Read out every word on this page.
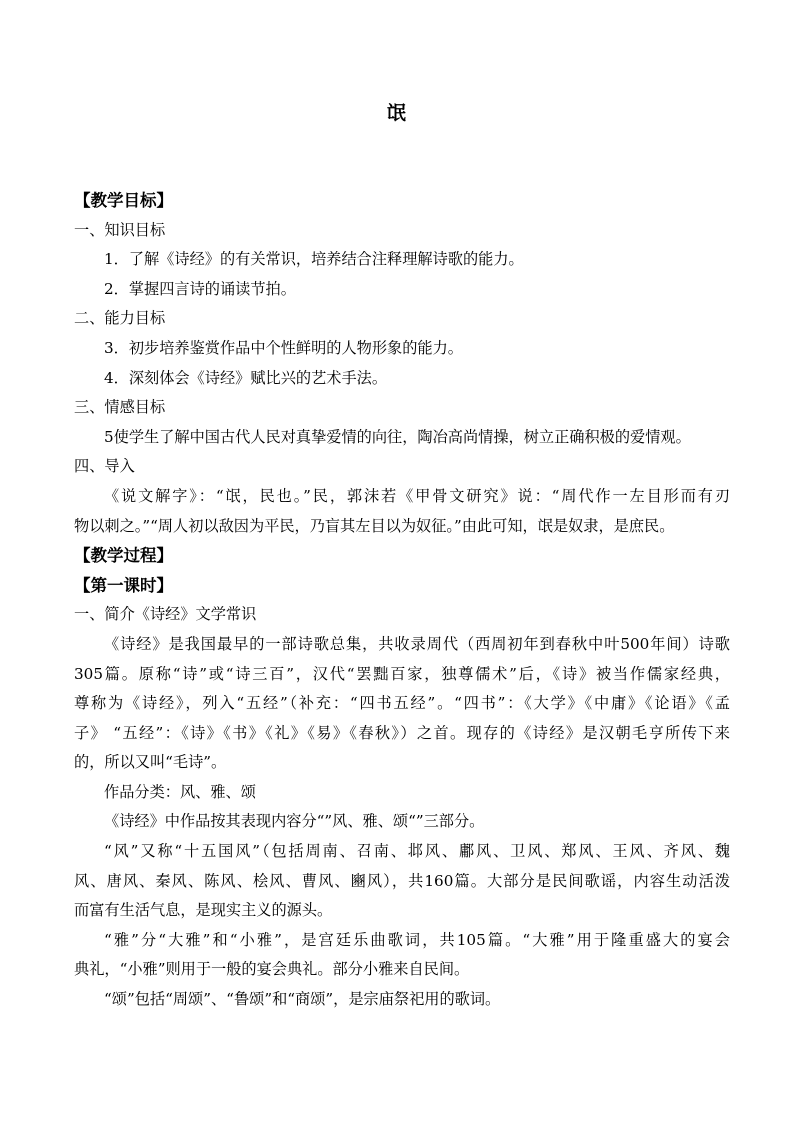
氓
【教学目标】
一、知识目标
1．了解《诗经》的有关常识，培养结合注释理解诗歌的能力。
2．掌握四言诗的诵读节拍。
二、能力目标
3．初步培养鉴赏作品中个性鲜明的人物形象的能力。
4．深刻体会《诗经》赋比兴的艺术手法。
三、情感目标
5使学生了解中国古代人民对真挚爱情的向往，陶冶高尚情操，树立正确积极的爱情观。
四、导入
《说文解字》：“氓，民也。”民，郭沫若《甲骨文研究》说：“周代作一左目形而有刃
物以刺之。”“周人初以敌因为平民，乃盲其左目以为奴征。”由此可知，氓是奴隶，是庶民。
【教学过程】
【第一课时】
一、简介《诗经》文学常识
《诗经》是我国最早的一部诗歌总集，共收录周代（西周初年到春秋中叶500年间）诗歌
305篇。原称“诗”或“诗三百”，汉代“罢黜百家，独尊儒术”后，《诗》被当作儒家经典，
尊称为《诗经》，列入“五经”（补充：“四书五经”。“四书”：《大学》《中庸》《论语》《孟
子》 “五经”：《诗》《书》《礼》《易》《春秋》）之首。现存的《诗经》是汉朝毛亨所传下来
的，所以又叫“毛诗”。
作品分类：风、雅、颂
《诗经》中作品按其表现内容分“”风、雅、颂“”三部分。
“风”又称“十五国风”（包括周南、召南、邶风、鄘风、卫风、郑风、王风、齐风、魏
风、唐风、秦风、陈风、桧风、曹风、豳风），共160篇。大部分是民间歌谣，内容生动活泼
而富有生活气息，是现实主义的源头。
“雅”分“大雅”和“小雅”，是宫廷乐曲歌词，共105篇。“大雅”用于隆重盛大的宴会
典礼，“小雅”则用于一般的宴会典礼。部分小雅来自民间。
“颂”包括“周颂”、“鲁颂”和“商颂”，是宗庙祭祀用的歌词。
